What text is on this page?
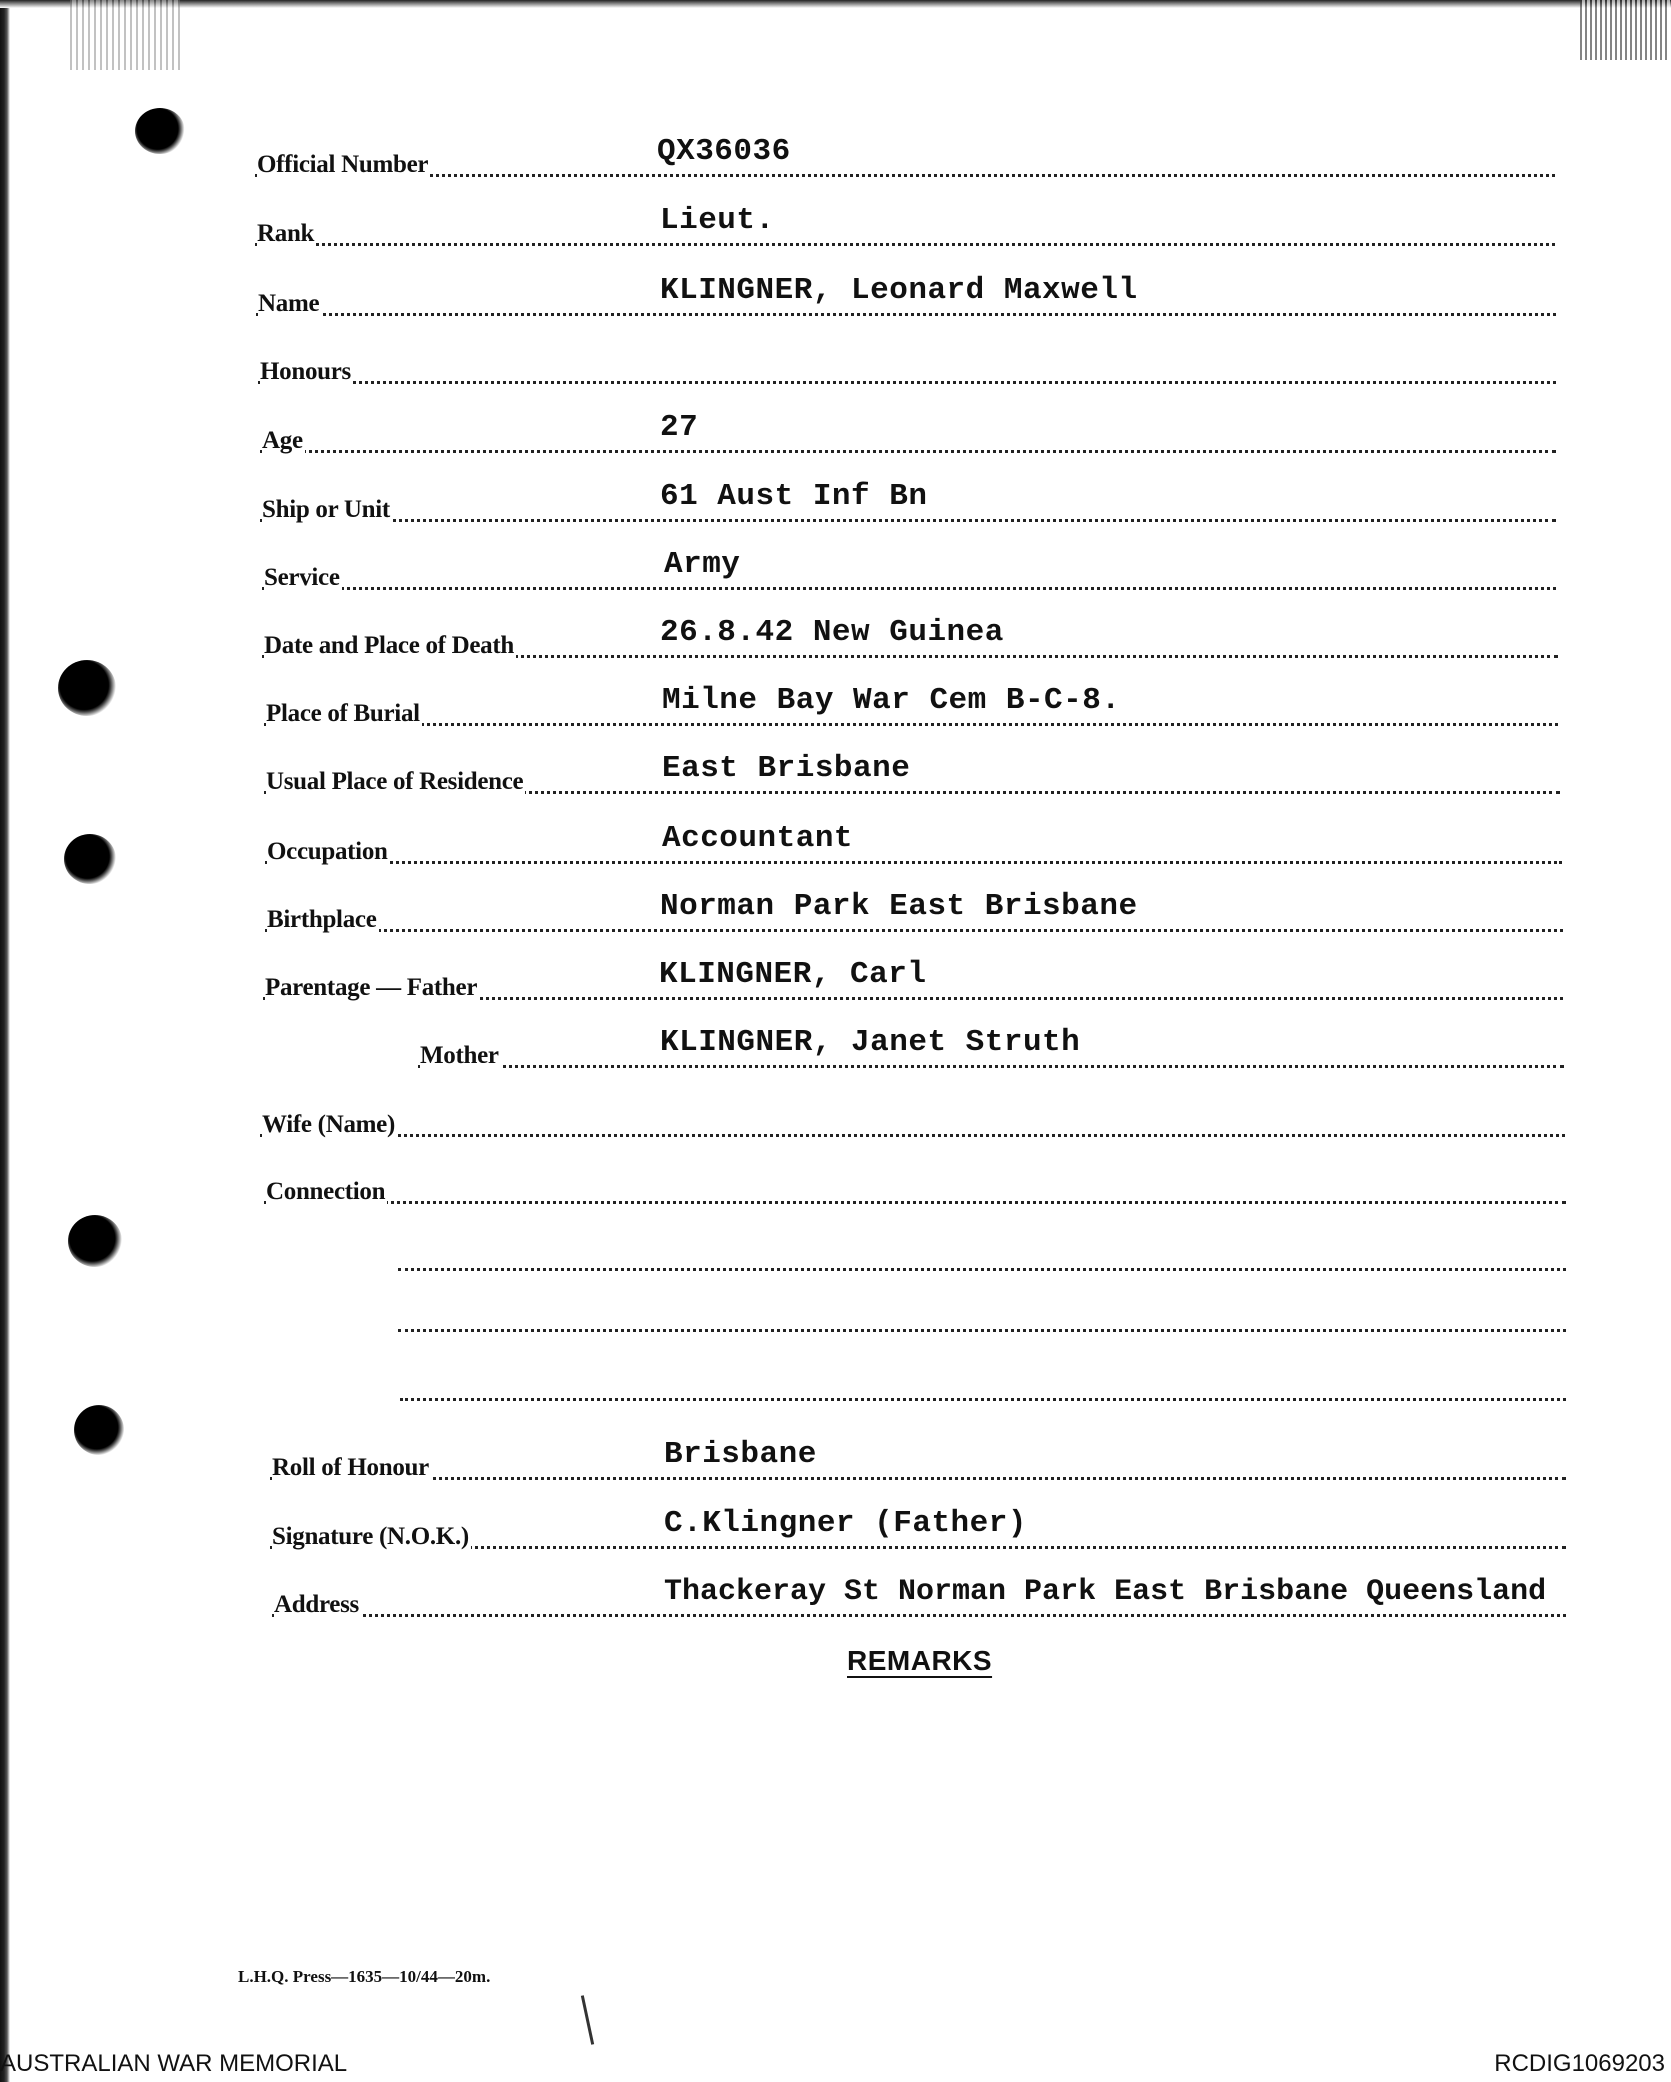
Official Number	QX36036
Rank	Lieut.
Name	KLINGNER, Leonard Maxwell
Honours
Age	27
Ship or Unit	61 Aust Inf Bn
Service	Army
Date and Place of Death	26.8.42 New Guinea
Place of Burial	Milne Bay War Cem B-C-8.
Usual Place of Residence	East Brisbane
Occupation	Accountant
Birthplace	Norman Park East Brisbane
Parentage — Father	KLINGNER, Carl
Mother	KLINGNER, Janet Struth
Wife (Name)
Connection
Roll of Honour	Brisbane
Signature (N.O.K.)	C.Klingner (Father)
Address	Thackeray St Norman Park East Brisbane Queensland
REMARKS
L.H.Q. Press—1635—10/44—20m.
AUSTRALIAN WAR MEMORIAL	RCDIG1069203
